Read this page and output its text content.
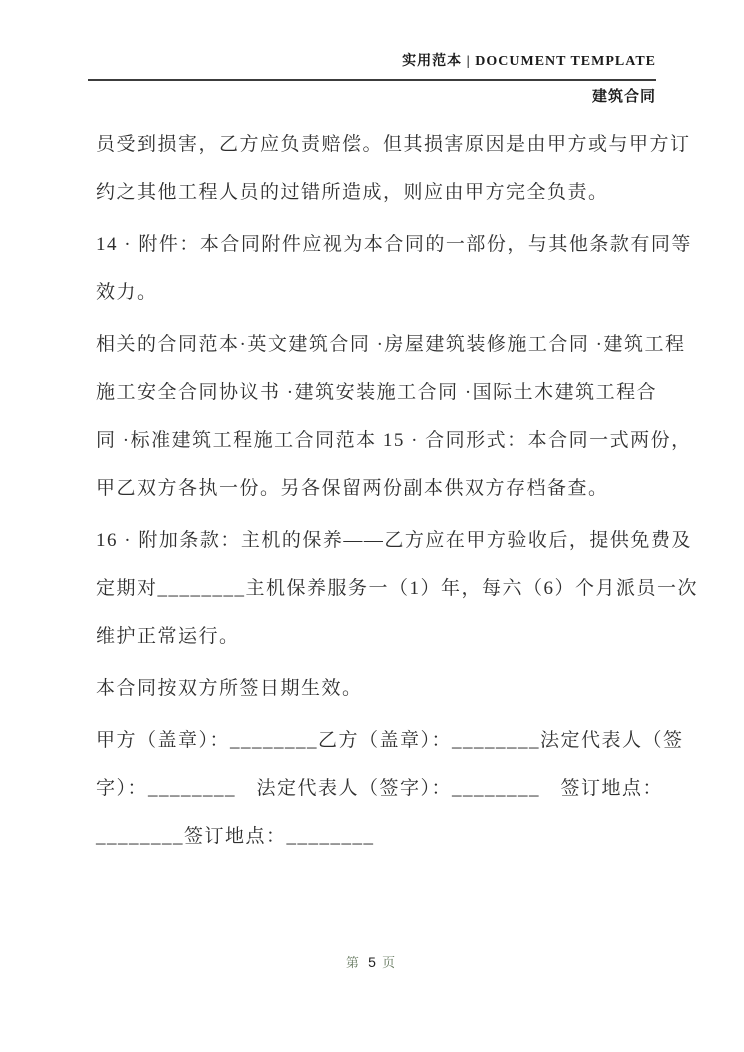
实用范本 | DOCUMENT TEMPLATE
建筑合同
员受到损害，乙方应负责赔偿。但其损害原因是由甲方或与甲方订
约之其他工程人员的过错所造成，则应由甲方完全负责。
14 · 附件：本合同附件应视为本合同的一部份，与其他条款有同等
效力。
相关的合同范本·英文建筑合同 ·房屋建筑装修施工合同 ·建筑工程
施工安全合同协议书 ·建筑安装施工合同 ·国际土木建筑工程合
同 ·标准建筑工程施工合同范本 15 · 合同形式：本合同一式两份，
甲乙双方各执一份。另各保留两份副本供双方存档备查。
16 · 附加条款：主机的保养——乙方应在甲方验收后，提供免费及
定期对________主机保养服务一（1）年，每六（6）个月派员一次
维护正常运行。
本合同按双方所签日期生效。
甲方（盖章）：________乙方（盖章）：________法定代表人（签
字）：________　法定代表人（签字）：________　签订地点：
________签订地点：________
第 5 页
